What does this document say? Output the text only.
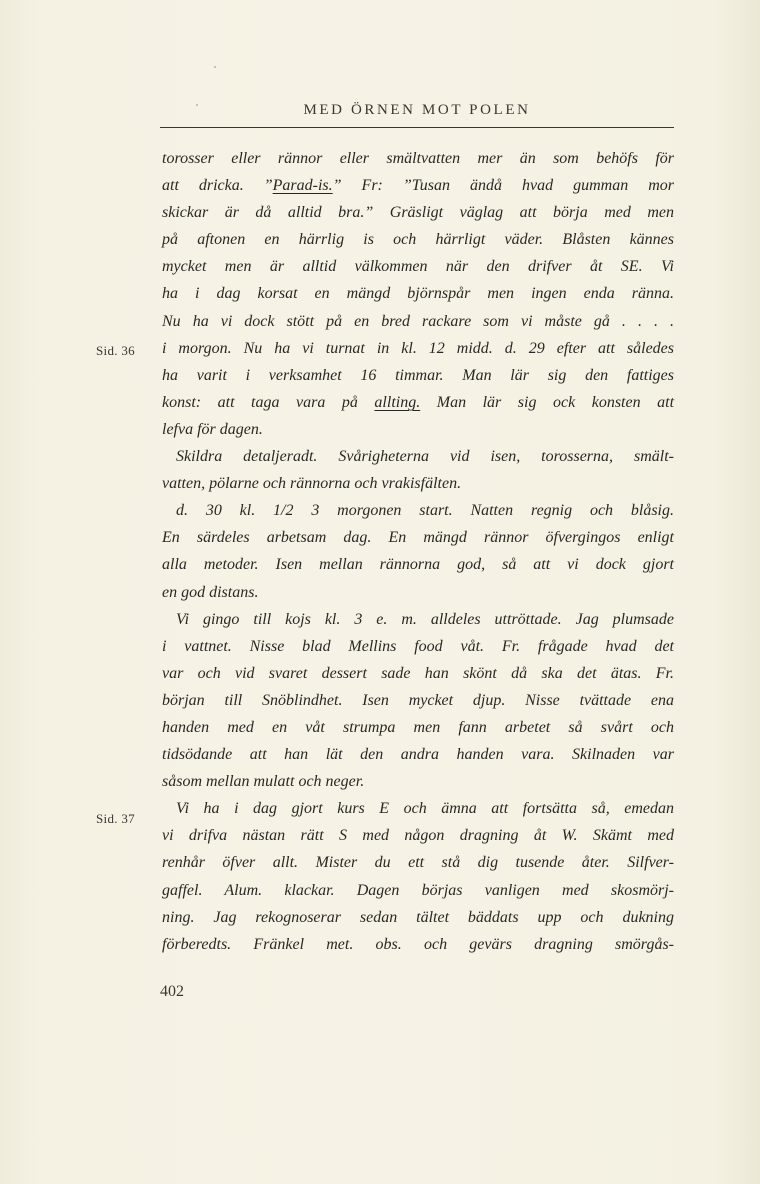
MED ÖRNEN MOT POLEN
Sid. 36
Sid. 37
torosser eller rännor eller smältvatten mer än som behöfs för
att dricka. ”Parad-is.” Fr: ”Tusan ändå hvad gumman mor
skickar är då alltid bra.” Gräsligt väglag att börja med men
på aftonen en härrlig is och härrligt väder. Blåsten kännes
mycket men är alltid välkommen när den drifver åt SE. Vi
ha i dag korsat en mängd björnspår men ingen enda ränna.
Nu ha vi dock stött på en bred rackare som vi måste gå . . . .
i morgon. Nu ha vi turnat in kl. 12 midd. d. 29 efter att således
ha varit i verksamhet 16 timmar. Man lär sig den fattiges
konst: att taga vara på allting. Man lär sig ock konsten att
lefva för dagen.
Skildra detaljeradt. Svårigheterna vid isen, torosserna, smält-
vatten, pölarne och rännorna och vrakisfälten.
d. 30 kl. 1/2 3 morgonen start. Natten regnig och blåsig.
En särdeles arbetsam dag. En mängd rännor öfvergingos enligt
alla metoder. Isen mellan rännorna god, så att vi dock gjort
en god distans.
Vi gingo till kojs kl. 3 e. m. alldeles uttröttade. Jag plumsade
i vattnet. Nisse blad Mellins food våt. Fr. frågade hvad det
var och vid svaret dessert sade han skönt då ska det ätas. Fr.
början till Snöblindhet. Isen mycket djup. Nisse tvättade ena
handen med en våt strumpa men fann arbetet så svårt och
tidsödande att han lät den andra handen vara. Skilnaden var
såsom mellan mulatt och neger.
Vi ha i dag gjort kurs E och ämna att fortsätta så, emedan
vi drifva nästan rätt S med någon dragning åt W. Skämt med
renhår öfver allt. Mister du ett stå dig tusende åter. Silfver-
gaffel. Alum. klackar. Dagen börjas vanligen med skosmörj-
ning. Jag rekognoserar sedan tältet bäddats upp och dukning
förberedts. Fränkel met. obs. och gevärs dragning smörgås-
402
